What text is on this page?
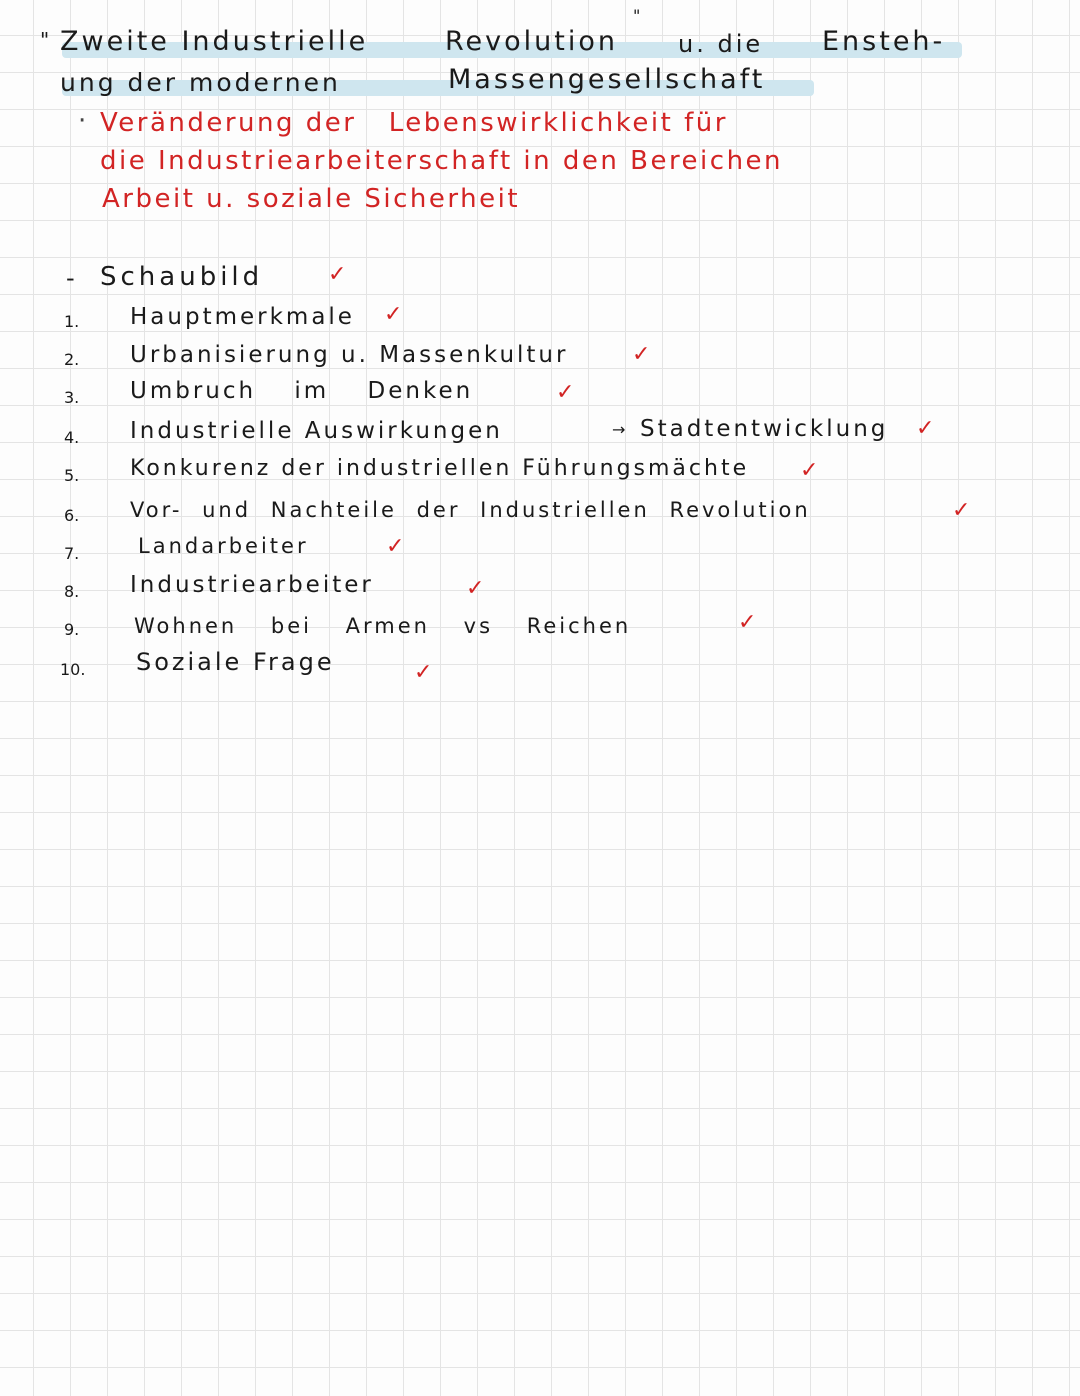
" Zweite Industrielle	Revolution
"
u. die Ensteh-
ung der modernen	Massengesellschaft
· Veränderung der   Lebenswirklichkeit für
die Industriearbeiterschaft in den Bereichen
Arbeit u. soziale Sicherheit
- Schaubild	✓
1. Hauptmerkmale ✓
2. Urbanisierung u. Massenkultur	✓
3. Umbruch im Denken	✓
4. Industrielle Auswirkungen	→ Stadtentwicklung ✓
5. Konkurenz der industriellen Führungsmächte ✓
6. Vor- und Nachteile der Industriellen Revolution	✓
7.	Landarbeiter	✓
8. Industriearbeiter	✓
9.	Wohnen bei Armen vs Reichen	✓
10. Soziale Frage	✓
